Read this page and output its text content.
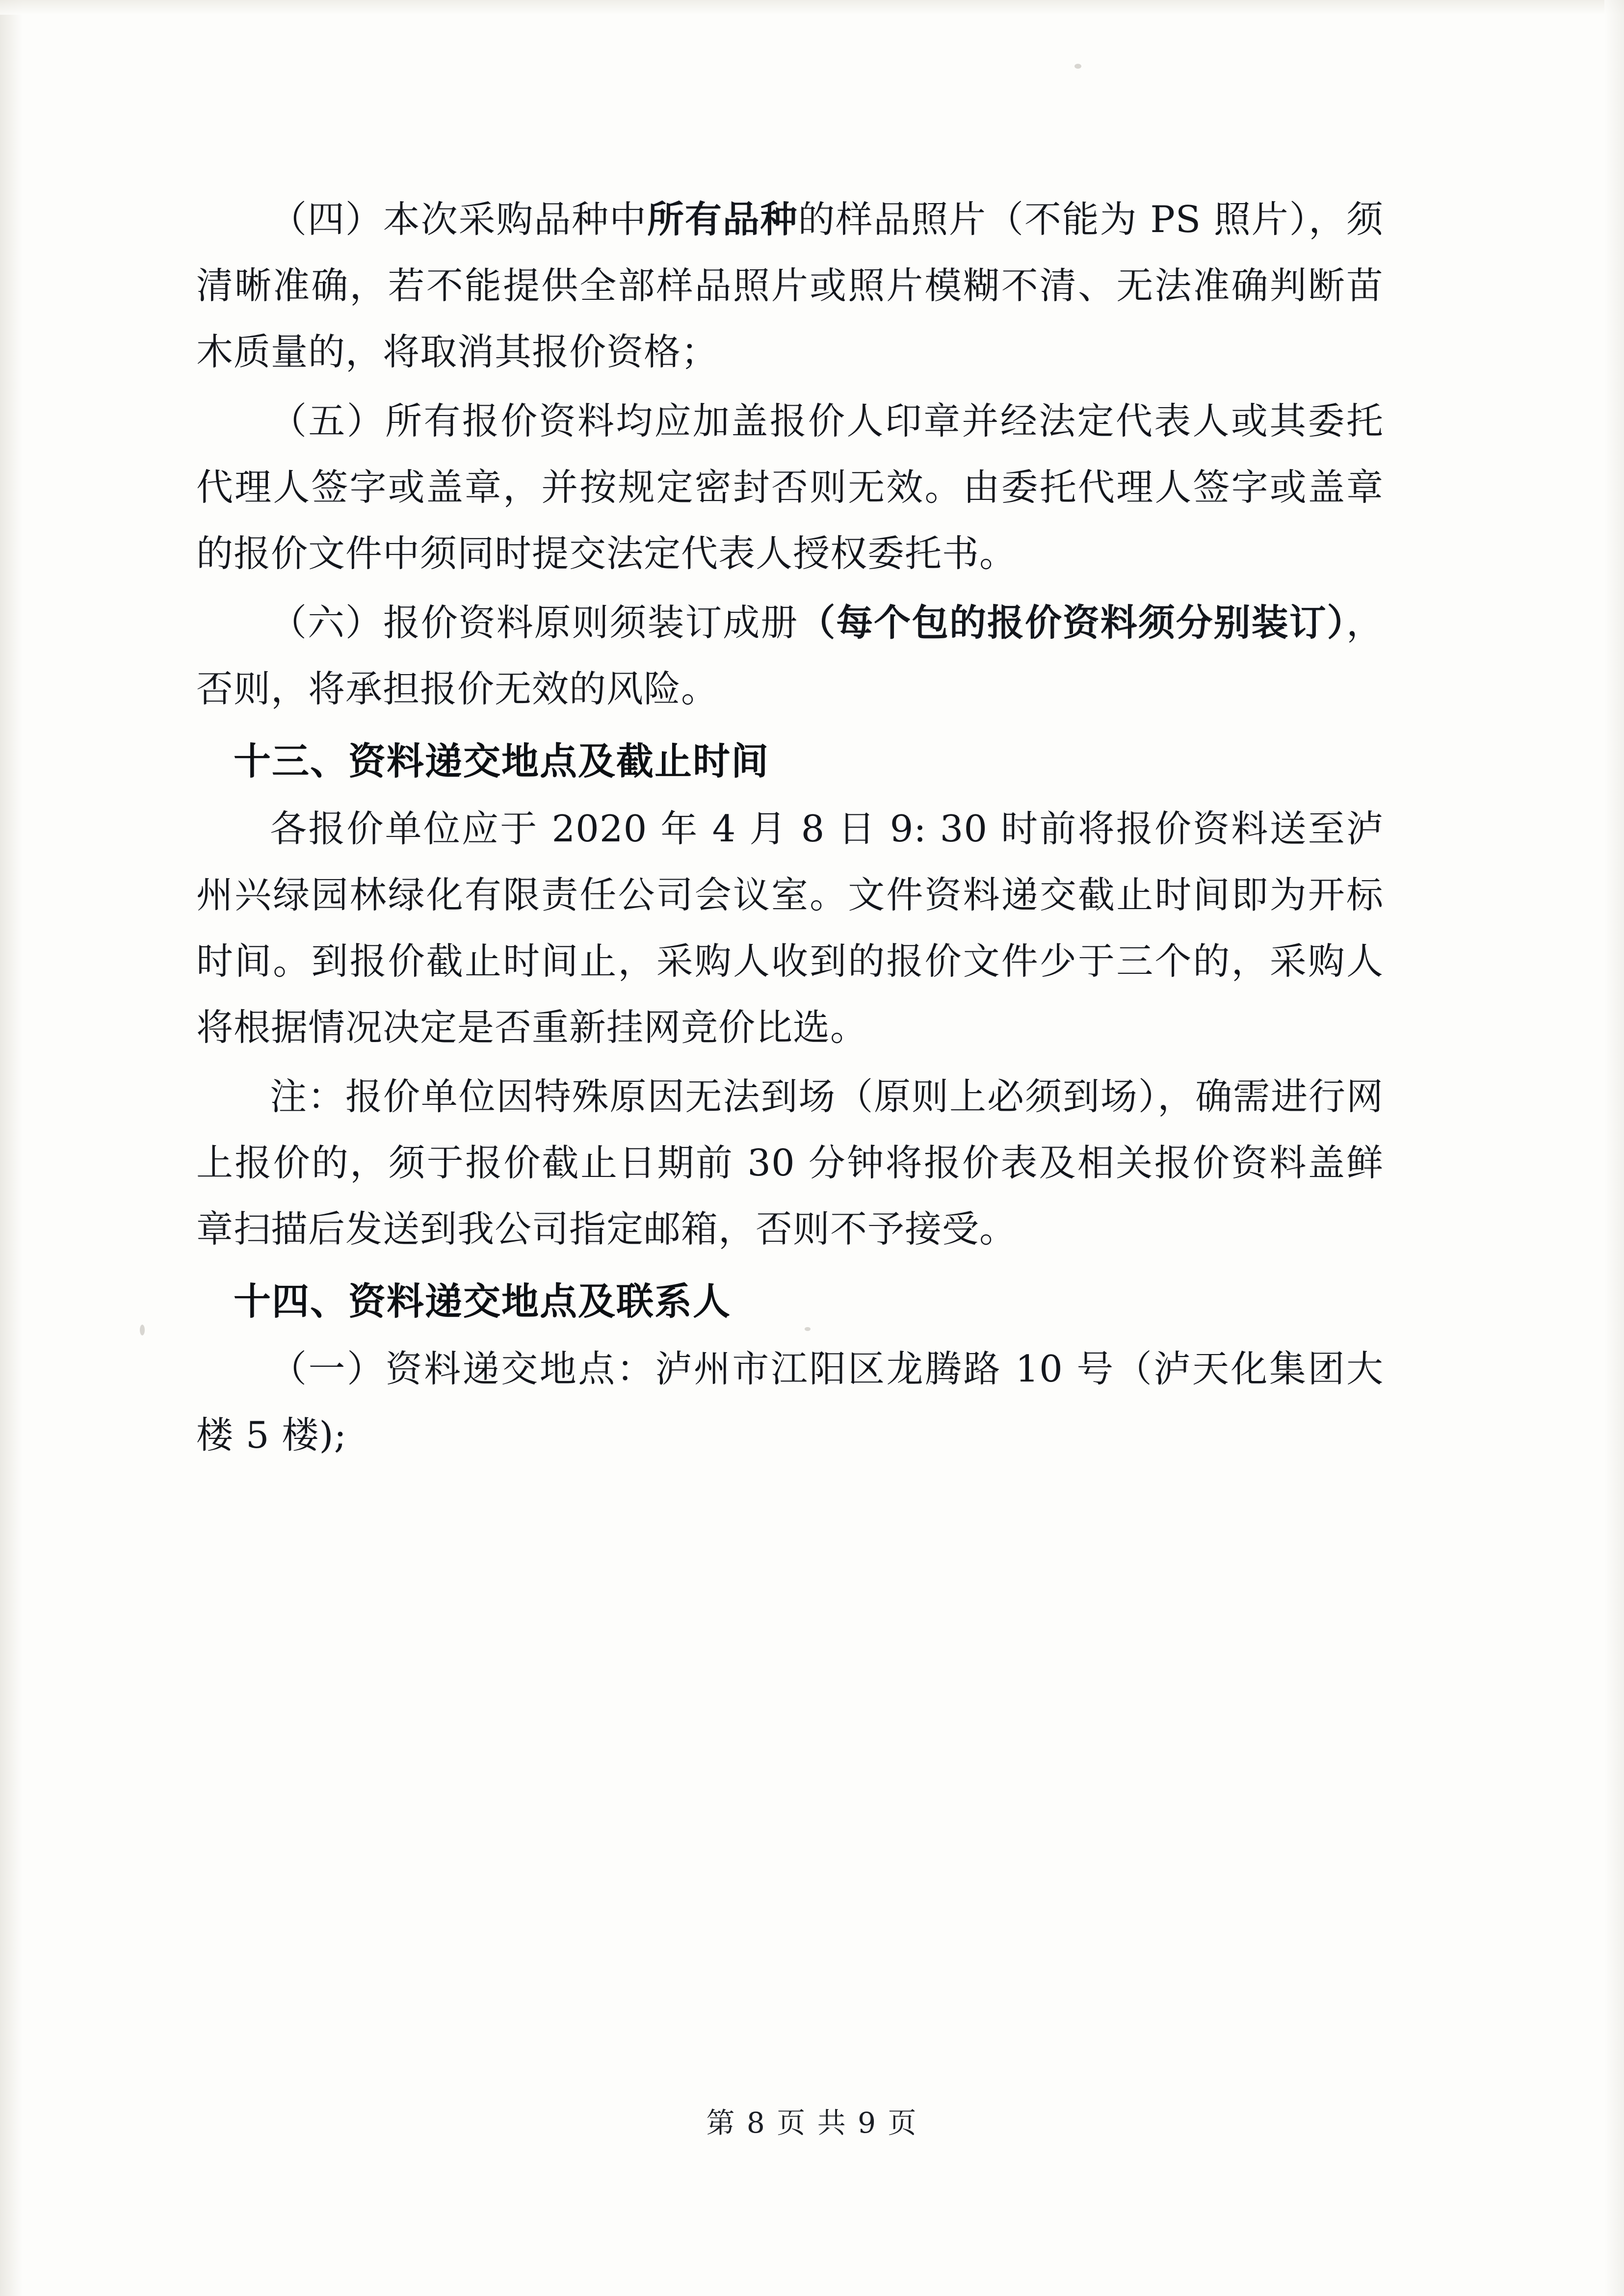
（四）本次采购品种中所有品种的样品照片（不能为 PS 照片），须清晰准确，若不能提供全部样品照片或照片模糊不清、无法准确判断苗木质量的，将取消其报价资格；

（五）所有报价资料均应加盖报价人印章并经法定代表人或其委托代理人签字或盖章，并按规定密封否则无效。由委托代理人签字或盖章的报价文件中须同时提交法定代表人授权委托书。

（六）报价资料原则须装订成册（每个包的报价资料须分别装订），否则，将承担报价无效的风险。

十三、资料递交地点及截止时间

各报价单位应于 2020 年 4 月 8 日 9: 30 时前将报价资料送至泸州兴绿园林绿化有限责任公司会议室。文件资料递交截止时间即为开标时间。到报价截止时间止，采购人收到的报价文件少于三个的，采购人将根据情况决定是否重新挂网竞价比选。

注：报价单位因特殊原因无法到场（原则上必须到场），确需进行网上报价的，须于报价截止日期前 30 分钟将报价表及相关报价资料盖鲜章扫描后发送到我公司指定邮箱，否则不予接受。

十四、资料递交地点及联系人

（一）资料递交地点：泸州市江阳区龙腾路 10 号（泸天化集团大楼 5 楼);

第 8 页 共 9 页
